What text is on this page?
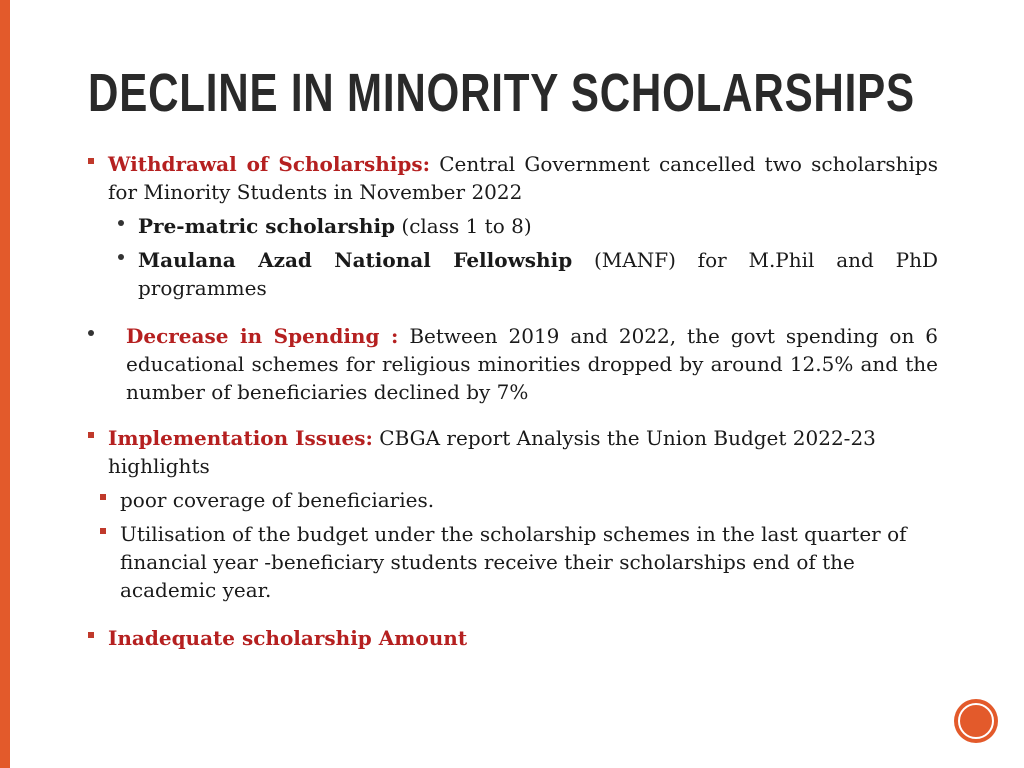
DECLINE IN MINORITY SCHOLARSHIPS
Withdrawal of Scholarships: Central Government cancelled two scholarships for Minority Students in November 2022
Pre-matric scholarship (class 1 to 8)
Maulana Azad National Fellowship (MANF) for M.Phil and PhD programmes
Decrease in Spending : Between 2019 and 2022, the govt spending on 6 educational schemes for religious minorities dropped by around 12.5% and the number of beneficiaries declined by 7%
Implementation Issues: CBGA report Analysis the Union Budget 2022-23 highlights
poor coverage of beneficiaries.
Utilisation of the budget under the scholarship schemes in the last quarter of financial year -beneficiary students receive their scholarships end of the academic year.
Inadequate scholarship Amount
